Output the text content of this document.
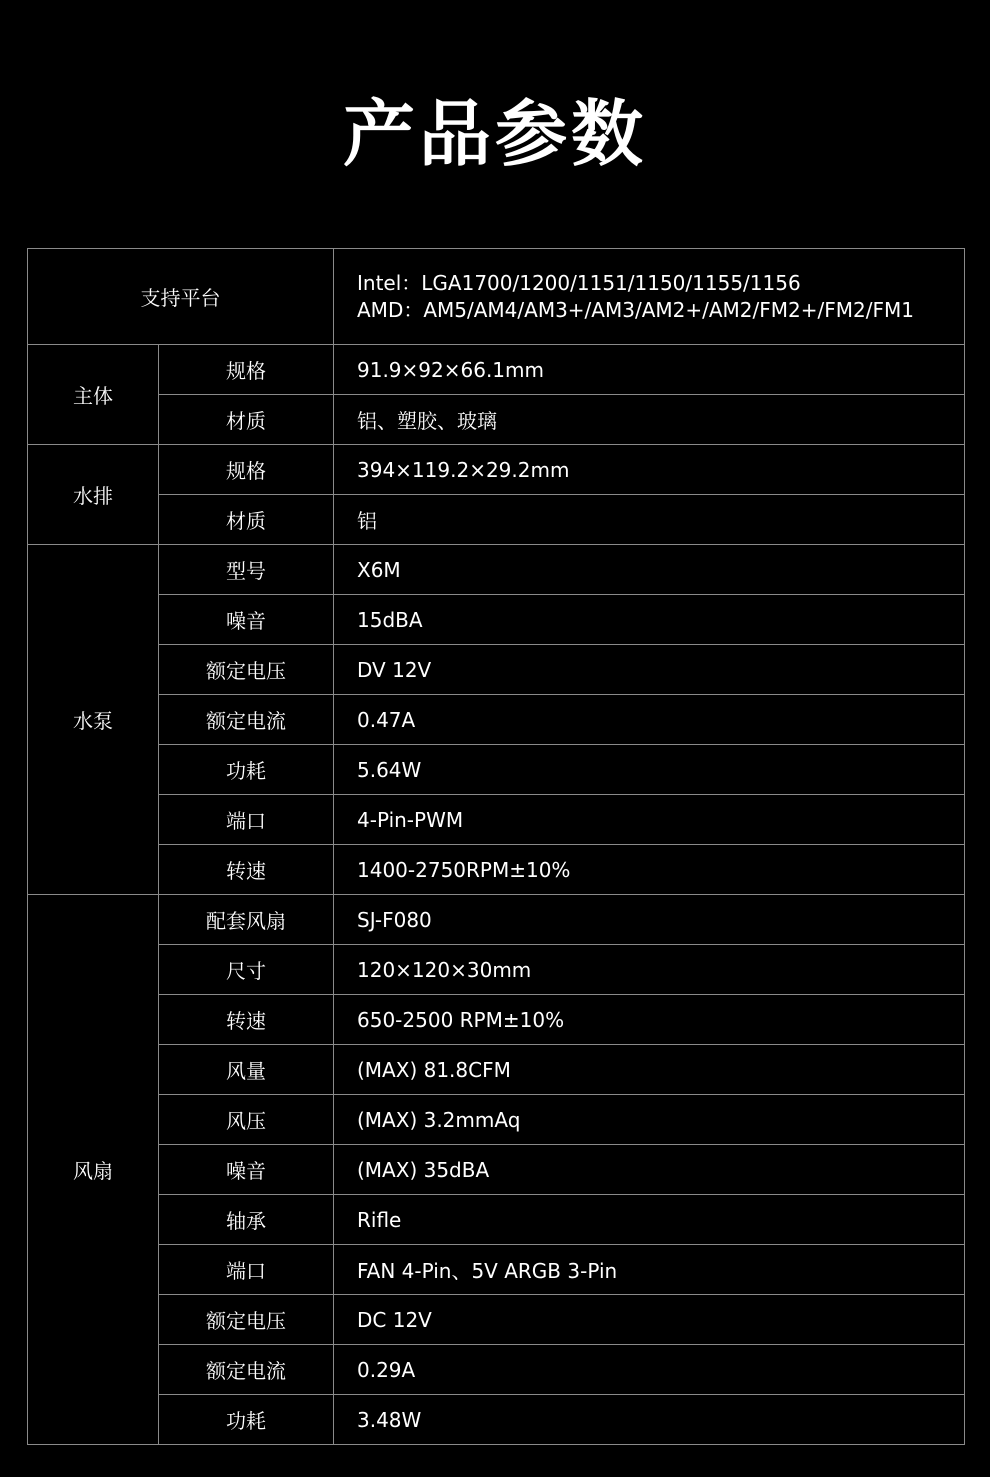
产品参数
支持平台		Intel：LGA1700/1200/1151/1150/1155/1156
AMD：AM5/AM4/AM3+/AM3/AM2+/AM2/FM2+/FM2/FM1

主体	规格	91.9×92×66.1mm
	材质	铝、塑胶、玻璃
水排	规格	394×119.2×29.2mm
	材质	铝
水泵	型号	X6M
	噪音	15dBA
	额定电压	DV 12V
	额定电流	0.47A
	功耗	5.64W
	端口	4-Pin-PWM
	转速	1400-2750RPM±10%
风扇	配套风扇	SJ-F080
	尺寸	120×120×30mm
	转速	650-2500 RPM±10%
	风量	(MAX) 81.8CFM
	风压	(MAX) 3.2mmAq
	噪音	(MAX) 35dBA
	轴承	Rifle
	端口	FAN 4-Pin、5V ARGB 3-Pin
	额定电压	DC 12V
	额定电流	0.29A
	功耗	3.48W
